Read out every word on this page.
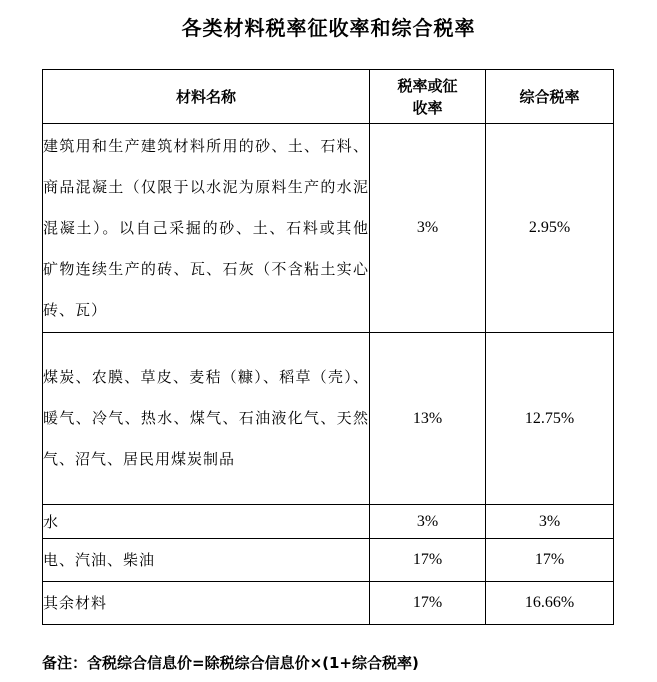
各类材料税率征收率和综合税率
材料名称	税率或征收率	综合税率
建筑用和生产建筑材料所用的砂、土、石料、商品混凝土（仅限于以水泥为原料生产的水泥混凝土）。以自己采掘的砂、土、石料或其他矿物连续生产的砖、瓦、石灰（不含粘土实心砖、瓦）	3%	2.95%
煤炭、农膜、草皮、麦秸（糠）、稻草（壳）、暖气、冷气、热水、煤气、石油液化气、天然气、沼气、居民用煤炭制品	13%	12.75%
水	3%	3%
电、汽油、柴油	17%	17%
其余材料	17%	16.66%
备注：含税综合信息价=除税综合信息价×(1+综合税率)
